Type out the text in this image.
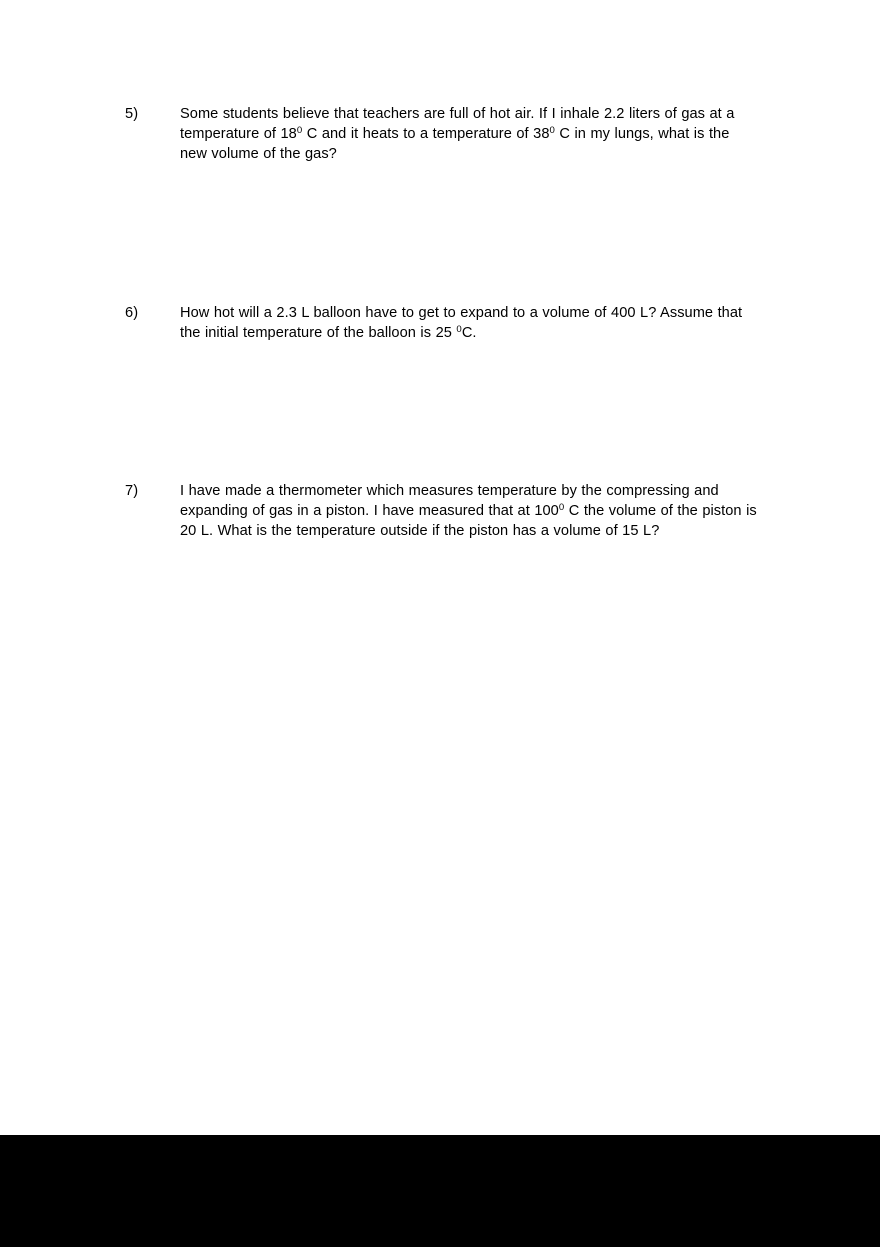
5)	Some students believe that teachers are full of hot air. If I inhale 2.2 liters of gas at a temperature of $18^0$ C and it heats to a temperature of $38^0$ C in my lungs, what is the new volume of the gas?

6)	How hot will a 2.3 L balloon have to get to expand to a volume of 400 L? Assume that the initial temperature of the balloon is 25 $^0$C.

7)	I have made a thermometer which measures temperature by the compressing and expanding of gas in a piston. I have measured that at $100^0$ C the volume of the piston is 20 L. What is the temperature outside if the piston has a volume of 15 L?
